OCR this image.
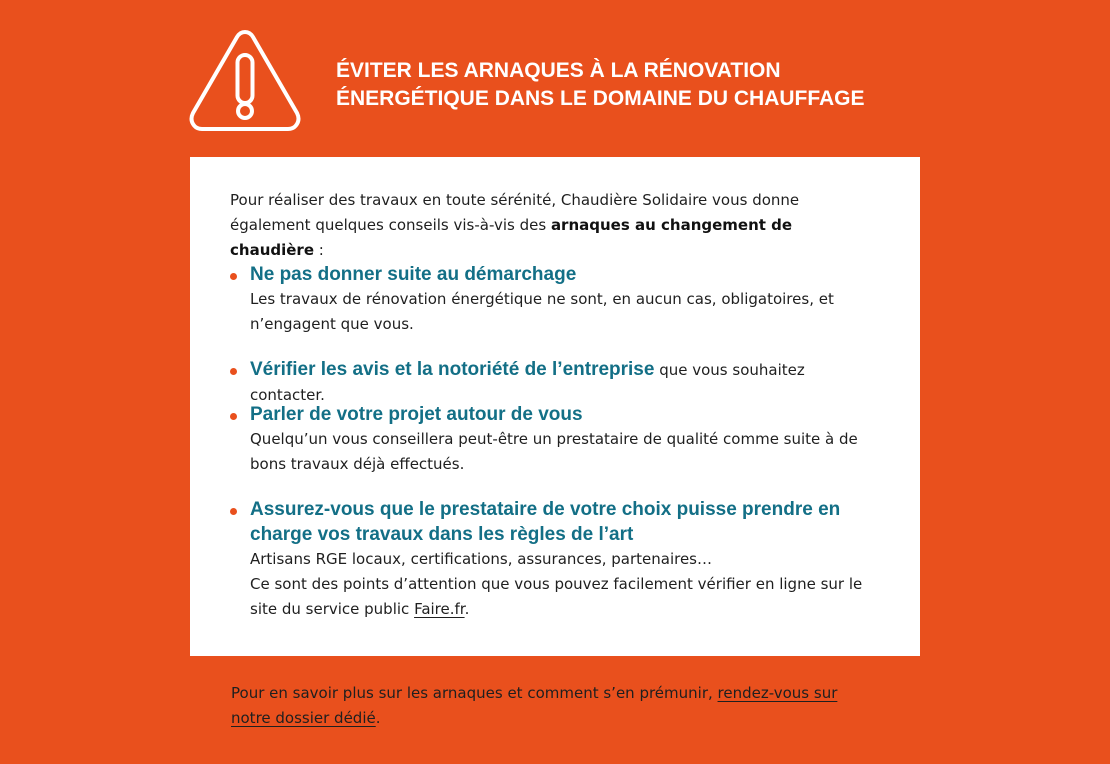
ÉVITER LES ARNAQUES À LA RÉNOVATION
ÉNERGÉTIQUE DANS LE DOMAINE DU CHAUFFAGE

Pour réaliser des travaux en toute sérénité, Chaudière Solidaire vous donne également quelques conseils vis-à-vis des arnaques au changement de chaudière :

Ne pas donner suite au démarchage
Les travaux de rénovation énergétique ne sont, en aucun cas, obligatoires, et n’engagent que vous.
Vérifier les avis et la notoriété de l’entreprise que vous souhaitez contacter.
Parler de votre projet autour de vous
Quelqu’un vous conseillera peut-être un prestataire de qualité comme suite à de bons travaux déjà effectués.
Assurez-vous que le prestataire de votre choix puisse prendre en charge vos travaux dans les règles de l’art
Artisans RGE locaux, certifications, assurances, partenaires…
Ce sont des points d’attention que vous pouvez facilement vérifier en ligne sur le site du service public Faire.fr.

Pour en savoir plus sur les arnaques et comment s’en prémunir, rendez-vous sur notre dossier dédié.
